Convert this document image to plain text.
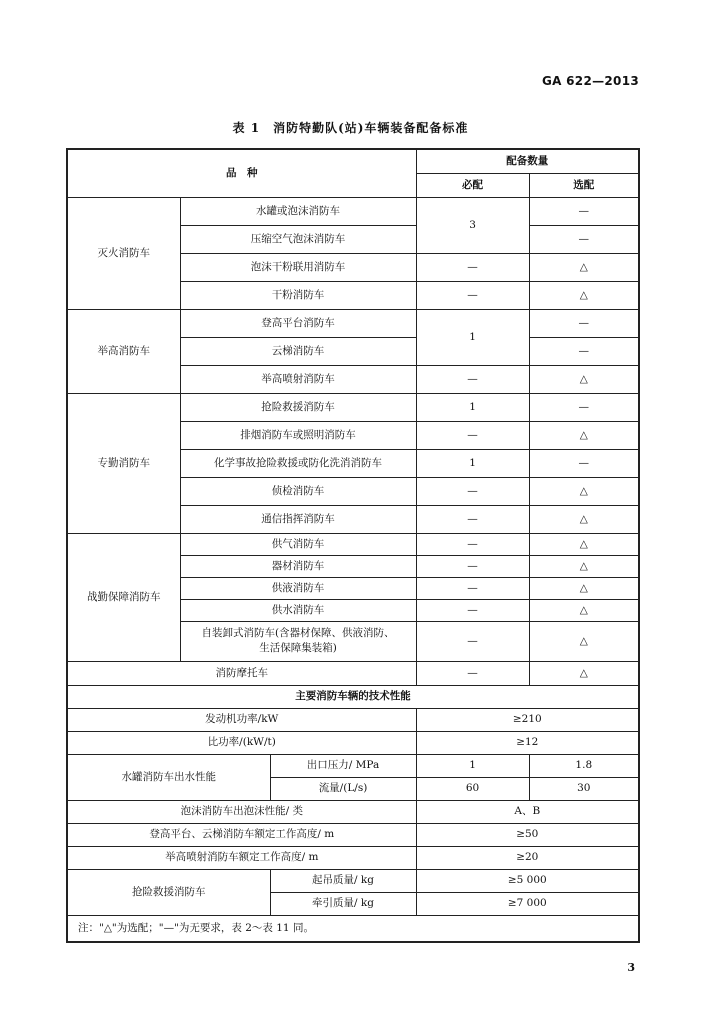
GA 622—2013
表 1　消防特勤队(站)车辆装备配备标准
品　种			配备数量	
			必配	选配
灭火消防车	水罐或泡沫消防车		3	—
	压缩空气泡沫消防车			—
	泡沫干粉联用消防车		—	△
	干粉消防车		—	△
举高消防车	登高平台消防车		1	—
	云梯消防车			—
	举高喷射消防车		—	△
专勤消防车	抢险救援消防车		1	—
	排烟消防车或照明消防车		—	△
	化学事故抢险救援或防化洗消消防车		1	—
	侦检消防车		—	△
	通信指挥消防车		—	△
战勤保障消防车	供气消防车		—	△
	器材消防车		—	△
	供液消防车		—	△
	供水消防车		—	△
	自装卸式消防车(含器材保障、供液消防、
生活保障集装箱)		—	△
消防摩托车			—	△
主要消防车辆的技术性能				
发动机功率/kW			≥210	
比功率/(kW/t)			≥12	
水罐消防车出水性能		出口压力/ MPa	1	1.8
		流量/(L/s)	60	30
泡沫消防车出泡沫性能/ 类			A、B	
登高平台、云梯消防车额定工作高度/ m			≥50	
举高喷射消防车额定工作高度/ m			≥20	
抢险救援消防车		起吊质量/ kg	≥5 000	
		牵引质量/ kg	≥7 000	
注："△"为选配；"—"为无要求，表 2～表 11 同。				
3
